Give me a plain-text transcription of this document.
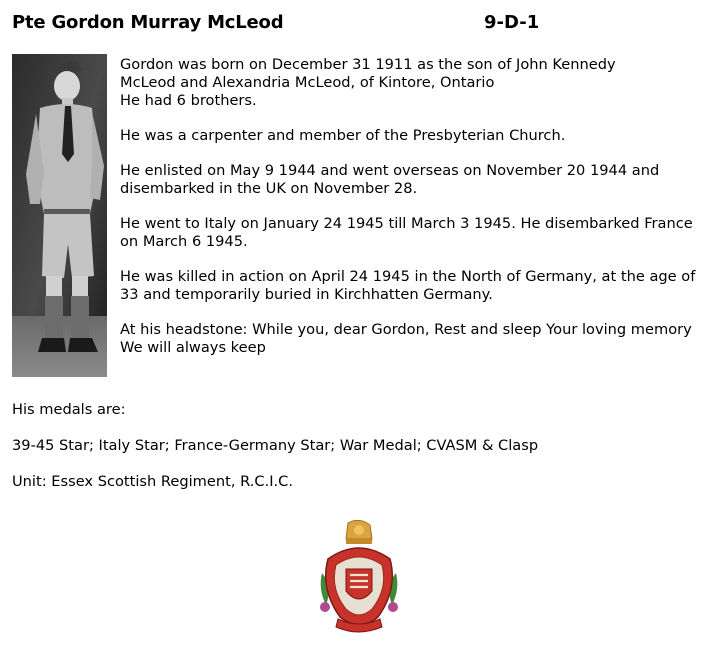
Pte Gordon Murray McLeod	9-D-1

Gordon was born on December 31 1911 as the son of John Kennedy
McLeod and Alexandria McLeod, of Kintore, Ontario
He had 6 brothers.

He was a carpenter and member of the Presbyterian Church.

He enlisted on May 9 1944 and went overseas on November 20 1944 and disembarked in the UK on November 28.

He went to Italy on January 24 1945 till March 3 1945. He disembarked France on March 6 1945.

He was killed in action on April 24 1945 in the North of Germany, at the age of 33 and temporarily buried in Kirchhatten Germany.

At his headstone: While you, dear Gordon, Rest and sleep Your loving memory We will always keep

His medals are:

39-45 Star; Italy Star; France-Germany Star; War Medal; CVASM & Clasp

Unit: Essex Scottish Regiment, R.C.I.C.
